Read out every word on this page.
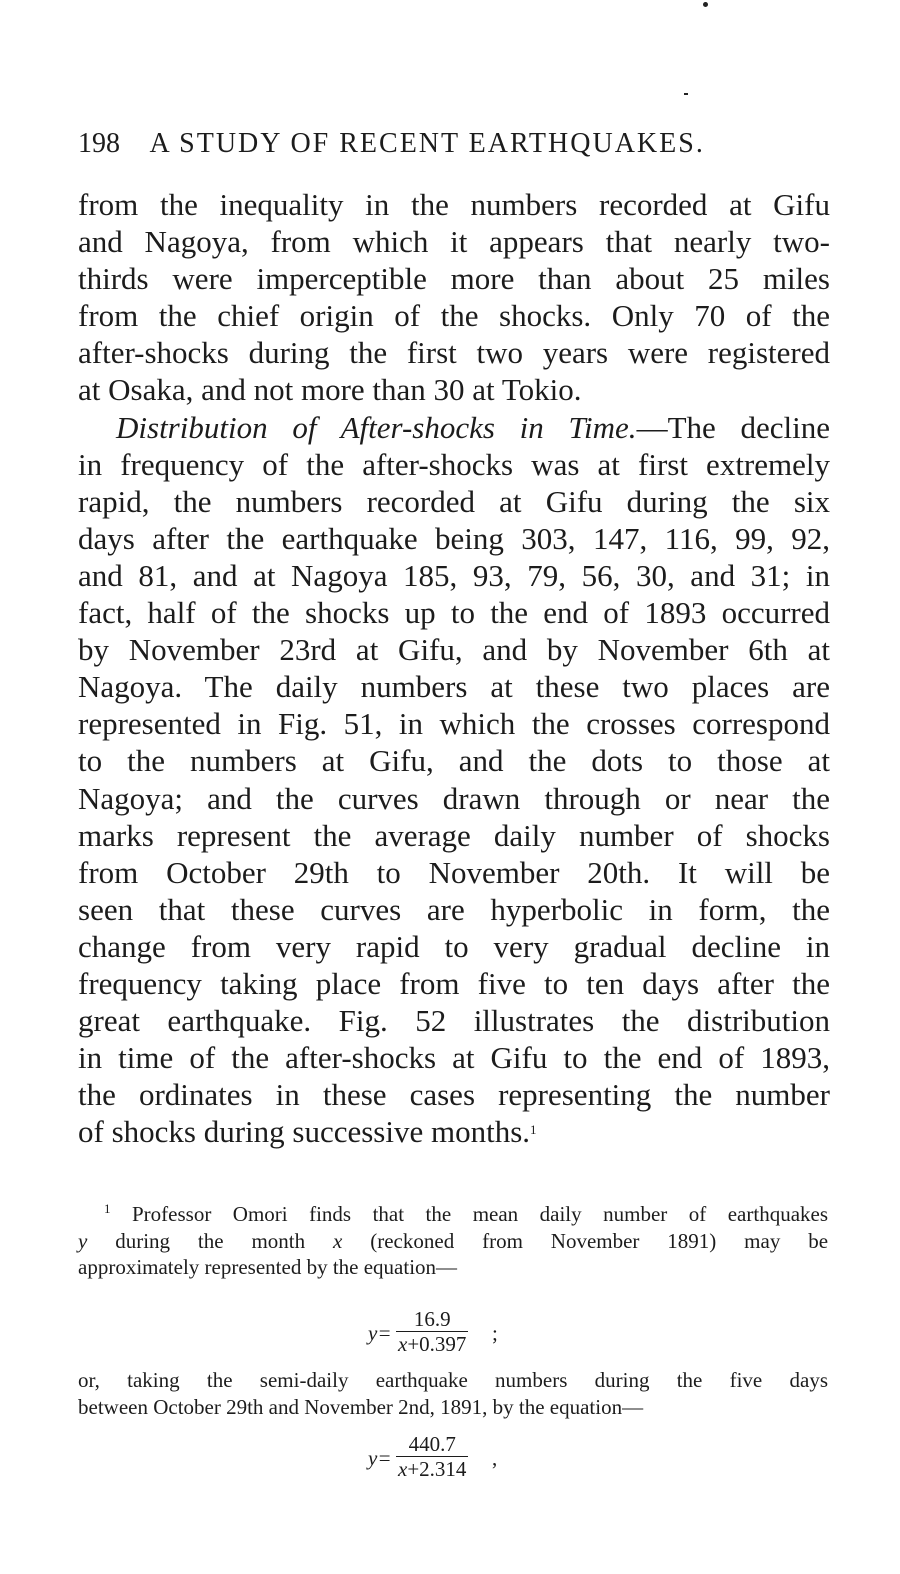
198 A STUDY OF RECENT EARTHQUAKES.
from the inequality in the numbers recorded at Gifu
and Nagoya, from which it appears that nearly two-
thirds were imperceptible more than about 25 miles
from the chief origin of the shocks. Only 70 of the
after-shocks during the first two years were registered
at Osaka, and not more than 30 at Tokio.
Distribution of After-shocks in Time.—The decline
in frequency of the after-shocks was at first extremely
rapid, the numbers recorded at Gifu during the six
days after the earthquake being 303, 147, 116, 99, 92,
and 81, and at Nagoya 185, 93, 79, 56, 30, and 31; in
fact, half of the shocks up to the end of 1893 occurred
by November 23rd at Gifu, and by November 6th at
Nagoya. The daily numbers at these two places are
represented in Fig. 51, in which the crosses correspond
to the numbers at Gifu, and the dots to those at
Nagoya; and the curves drawn through or near the
marks represent the average daily number of shocks
from October 29th to November 20th. It will be
seen that these curves are hyperbolic in form, the
change from very rapid to very gradual decline in
frequency taking place from five to ten days after the
great earthquake. Fig. 52 illustrates the distribution
in time of the after-shocks at Gifu to the end of 1893,
the ordinates in these cases representing the number
of shocks during successive months.$^1$
$^1$ Professor Omori finds that the mean daily number of earthquakes
y during the month x (reckoned from November 1891) may be
approximately represented by the equation—
y=
16.9
x+0.397 ;
or, taking the semi-daily earthquake numbers during the five days
between October 29th and November 2nd, 1891, by the equation—
y=
440.7
x+2.314 ,
